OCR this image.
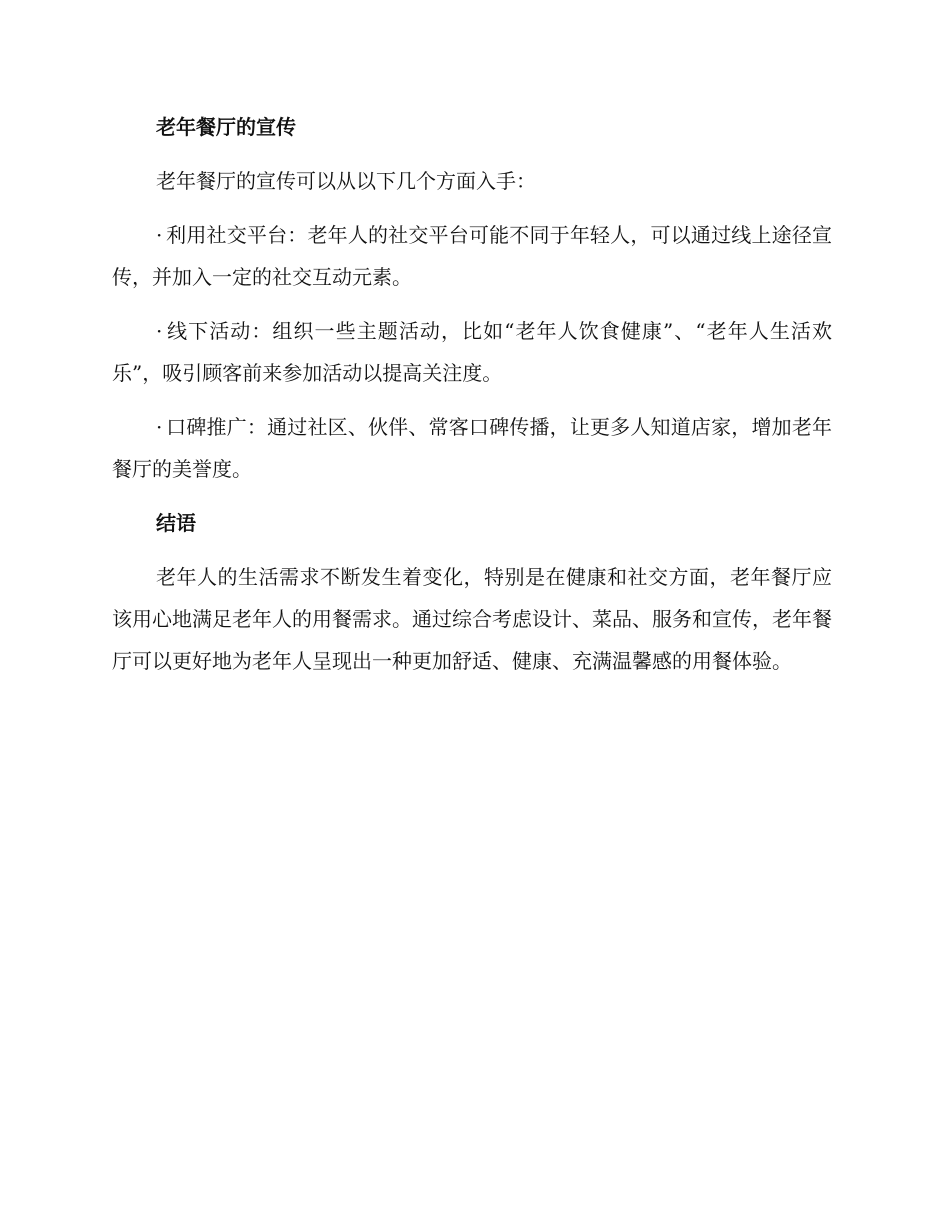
老年餐厅的宣传

老年餐厅的宣传可以从以下几个方面入手：

· 利用社交平台：老年人的社交平台可能不同于年轻人，可以通过线上途径宣传，并加入一定的社交互动元素。

· 线下活动：组织一些主题活动，比如“老年人饮食健康”、“老年人生活欢乐”，吸引顾客前来参加活动以提高关注度。

· 口碑推广：通过社区、伙伴、常客口碑传播，让更多人知道店家，增加老年餐厅的美誉度。

结语

老年人的生活需求不断发生着变化，特别是在健康和社交方面，老年餐厅应该用心地满足老年人的用餐需求。通过综合考虑设计、菜品、服务和宣传，老年餐厅可以更好地为老年人呈现出一种更加舒适、健康、充满温馨感的用餐体验。
